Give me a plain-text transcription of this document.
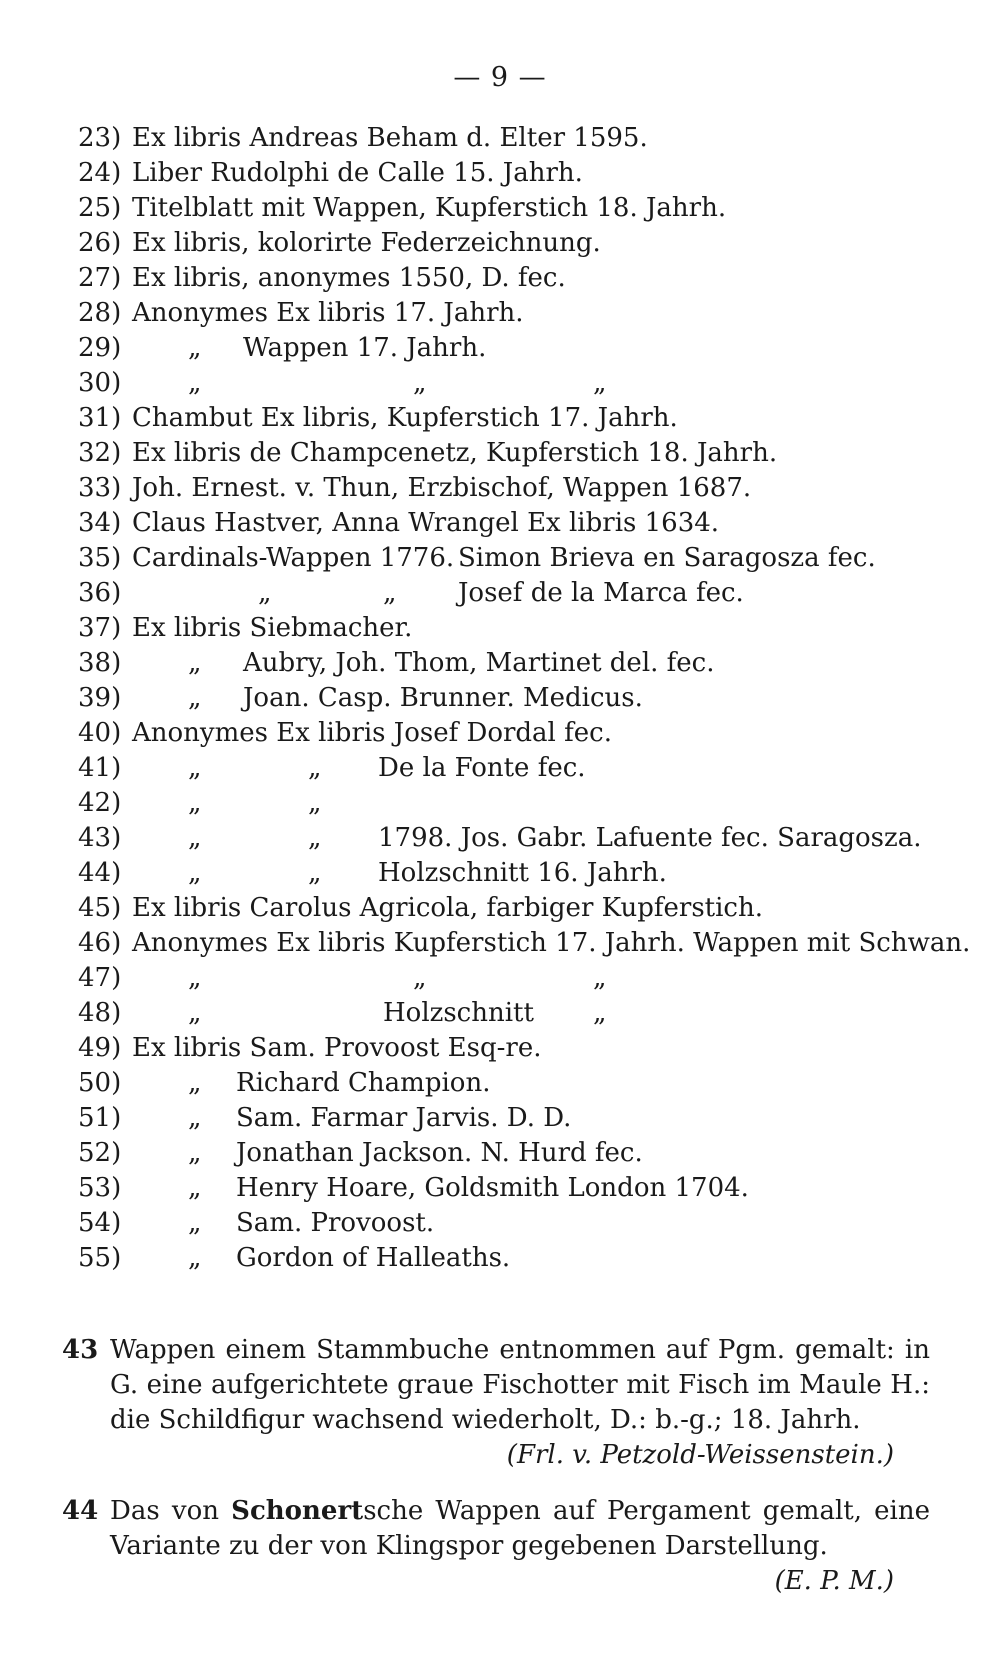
— 9 —
23) Ex libris Andreas Beham d. Elter 1595.
24) Liber Rudolphi de Calle 15. Jahrh.
25) Titelblatt mit Wappen, Kupferstich 18. Jahrh.
26) Ex libris, kolorirte Federzeichnung.
27) Ex libris, anonymes 1550, D. fec.
28) Anonymes Ex libris 17. Jahrh.
29)	„ Wappen 17. Jahrh.
30)	„	„	„
31) Chambut Ex libris, Kupferstich 17. Jahrh.
32) Ex libris de Champcenetz, Kupferstich 18. Jahrh.
33) Joh. Ernest. v. Thun, Erzbischof, Wappen 1687.
34) Claus Hastver, Anna Wrangel Ex libris 1634.
35) Cardinals-Wappen 1776. Simon Brieva en Saragosza fec.
36)	„	„ Josef de la Marca fec.
37) Ex libris Siebmacher.
38)	„ Aubry, Joh. Thom, Martinet del. fec.
39)	„ Joan. Casp. Brunner. Medicus.
40) Anonymes Ex libris Josef Dordal fec.
41)	„	„ De la Fonte fec.
42)	„	„
43)	„	„ 1798. Jos. Gabr. Lafuente fec. Saragosza.
44)	„	„ Holzschnitt 16. Jahrh.
45) Ex libris Carolus Agricola, farbiger Kupferstich.
46) Anonymes Ex libris Kupferstich 17. Jahrh. Wappen mit Schwan.
47)	„	„	„
48)	„	Holzschnitt „
49) Ex libris Sam. Provoost Esq-re.
50)	„ Richard Champion.
51)	„ Sam. Farmar Jarvis. D. D.
52)	„ Jonathan Jackson. N. Hurd fec.
53)	„ Henry Hoare, Goldsmith London 1704.
54)	„ Sam. Provoost.
55)	„ Gordon of Halleaths.
43 Wappen einem Stammbuche entnommen auf Pgm. gemalt: in G. eine aufgerichtete graue Fischotter mit Fisch im Maule H.: die Schildfigur wachsend wiederholt, D.: b.-g.; 18. Jahrh.
(Frl. v. Petzold-Weissenstein.)
44 Das von Schonertsche Wappen auf Pergament gemalt, eine Variante zu der von Klingspor gegebenen Darstellung.
(E. P. M.)
